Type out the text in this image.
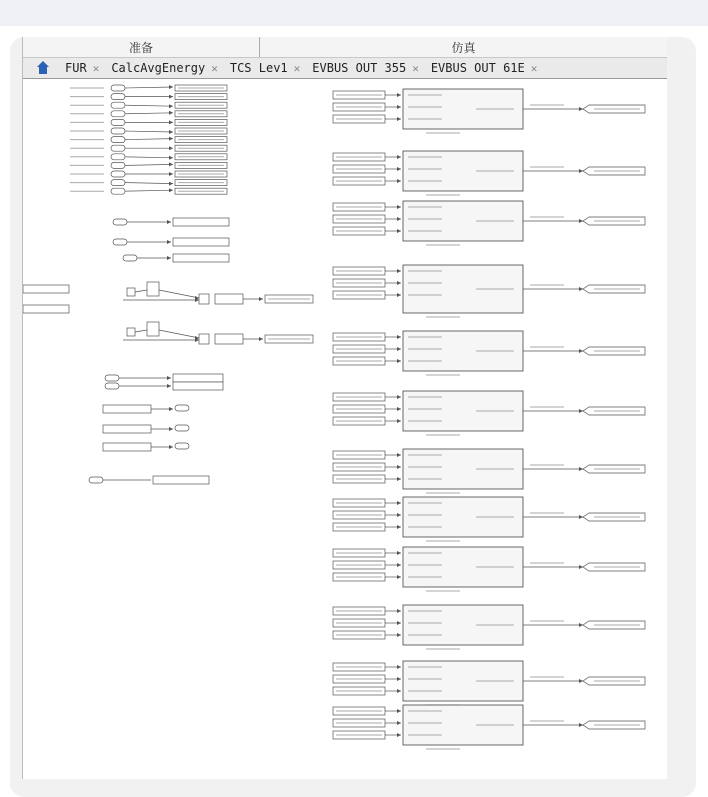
准备	仿真
FUR ✕ CalcAvgEnergy ✕ TCS Lev1 ✕ EVBUS OUT 355 ✕ EVBUS OUT 61E ✕
